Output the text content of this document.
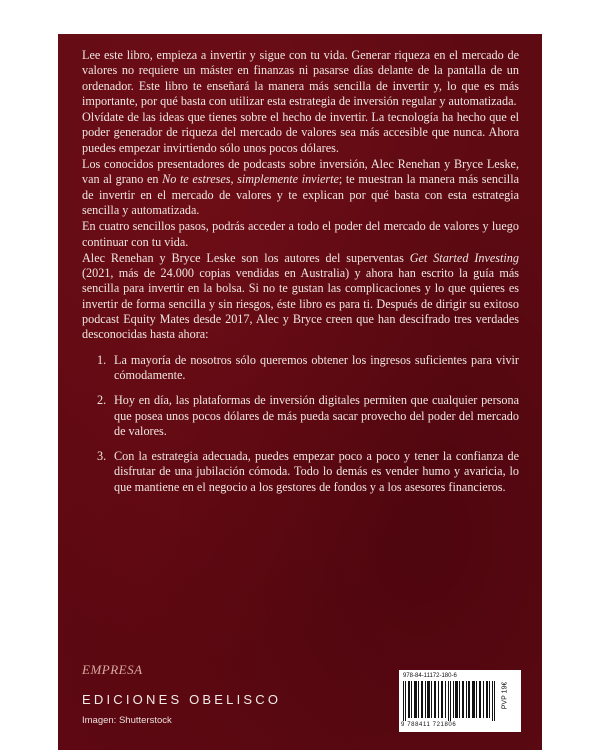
Lee este libro, empieza a invertir y sigue con tu vida. Generar riqueza en el mercado de valores no requiere un máster en finanzas ni pasarse días delante de la pantalla de un ordenador. Este libro te enseñará la manera más sencilla de invertir y, lo que es más importante, por qué basta con utilizar esta estrategia de inversión regular y automatizada.

Olvídate de las ideas que tienes sobre el hecho de invertir. La tecnología ha hecho que el poder generador de riqueza del mercado de valores sea más accesible que nunca. Ahora puedes empezar invirtiendo sólo unos pocos dólares.

Los conocidos presentadores de podcasts sobre inversión, Alec Renehan y Bryce Leske, van al grano en No te estreses, simplemente invierte; te muestran la manera más sencilla de invertir en el mercado de valores y te explican por qué basta con esta estrategia sencilla y automatizada.

En cuatro sencillos pasos, podrás acceder a todo el poder del mercado de valores y luego continuar con tu vida.

Alec Renehan y Bryce Leske son los autores del superventas Get Started Investing (2021, más de 24.000 copias vendidas en Australia) y ahora han escrito la guía más sencilla para invertir en la bolsa. Si no te gustan las complicaciones y lo que quieres es invertir de forma sencilla y sin riesgos, éste libro es para ti. Después de dirigir su exitoso podcast Equity Mates desde 2017, Alec y Bryce creen que han descifrado tres verdades desconocidas hasta ahora:

1. La mayoría de nosotros sólo queremos obtener los ingresos suficientes para vivir cómodamente.
2. Hoy en día, las plataformas de inversión digitales permiten que cualquier persona que posea unos pocos dólares de más pueda sacar provecho del poder del mercado de valores.
3. Con la estrategia adecuada, puedes empezar poco a poco y tener la confianza de disfrutar de una jubilación cómoda. Todo lo demás es vender humo y avaricia, lo que mantiene en el negocio a los gestores de fondos y a los asesores financieros.
EMPRESA
EDICIONES OBELISCO
Imagen: Shutterstock
978-84-11172-180-6
9 788411 721806
PVP 19€
